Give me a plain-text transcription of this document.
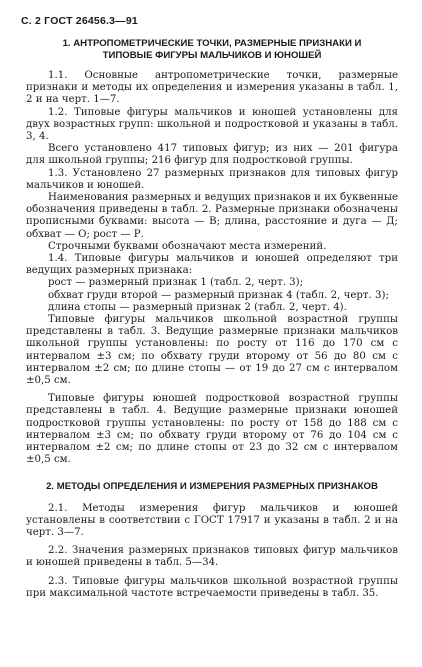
С. 2 ГОСТ 26456.3—91
1. АНТРОПОМЕТРИЧЕСКИЕ ТОЧКИ, РАЗМЕРНЫЕ ПРИЗНАКИ И
ТИПОВЫЕ ФИГУРЫ МАЛЬЧИКОВ И ЮНОШЕЙ

1.1. Основные антропометрические точки, размерные признаки и методы их определения и измерения указаны в табл. 1, 2 и на черт. 1—7.

1.2. Типовые фигуры мальчиков и юношей установлены для двух возрастных групп: школьной и подростковой и указаны в табл. 3, 4.

Всего установлено 417 типовых фигур; из них — 201 фигура для школьной группы; 216 фигур для подростковой группы.

1.3. Установлено 27 размерных признаков для типовых фигур мальчиков и юношей.

Наименования размерных и ведущих признаков и их буквенные обозначения приведены в табл. 2. Размерные признаки обозначены прописными буквами: высота — В; длина, расстояние и дуга — Д; обхват — О; рост — Р.

Строчными буквами обозначают места измерений.

1.4. Типовые фигуры мальчиков и юношей определяют три ведущих размерных признака:

рост — размерный признак 1 (табл. 2, черт. 3);
обхват груди второй — размерный признак 4 (табл. 2, черт. 3);
длина стопы — размерный признак 2 (табл. 2, черт. 4).

Типовые фигуры мальчиков школьной возрастной группы представлены в табл. 3. Ведущие размерные признаки мальчиков школьной группы установлены: по росту от 116 до 170 см с интервалом ±3 см; по обхвату груди второму от 56 до 80 см с интервалом ±2 см; по длине стопы — от 19 до 27 см с интервалом ±0,5 см.

Типовые фигуры юношей подростковой возрастной группы представлены в табл. 4. Ведущие размерные признаки юношей подростковой группы установлены: по росту от 158 до 188 см с интервалом ±3 см; по обхвату груди второму от 76 до 104 см с интервалом ±2 см; по длине стопы от 23 до 32 см с интервалом ±0,5 см.

2. МЕТОДЫ ОПРЕДЕЛЕНИЯ И ИЗМЕРЕНИЯ РАЗМЕРНЫХ ПРИЗНАКОВ

2.1. Методы измерения фигур мальчиков и юношей установлены в соответствии с ГОСТ 17917 и указаны в табл. 2 и на черт. 3—7.

2.2. Значения размерных признаков типовых фигур мальчиков и юношей приведены в табл. 5—34.

2.3. Типовые фигуры мальчиков школьной возрастной группы при максимальной частоте встречаемости приведены в табл. 35.
